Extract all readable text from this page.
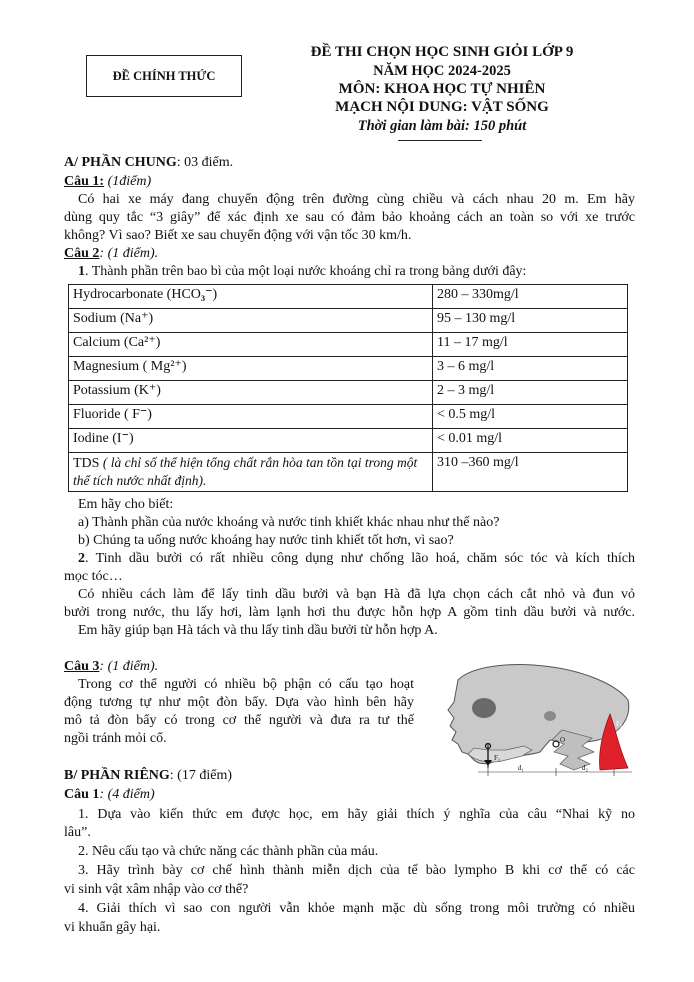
ĐỀ CHÍNH THỨC
ĐỀ THI CHỌN HỌC SINH GIỎI LỚP 9
NĂM HỌC 2024-2025
MÔN: KHOA HỌC TỰ NHIÊN
MẠCH NỘI DUNG: VẬT SỐNG
Thời gian làm bài: 150 phút
A/ PHẦN CHUNG: 03 điểm.
Câu 1: (1điểm)
Có hai xe máy đang chuyển động trên đường cùng chiều và cách nhau 20 m. Em hãy
dùng quy tắc “3 giây” để xác định xe sau có đảm bảo khoảng cách an toàn so với xe trước
không? Vì sao? Biết xe sau chuyển động với vận tốc 30 km/h.
Câu 2: (1 điểm).
1. Thành phần trên bao bì của một loại nước khoáng chỉ ra trong bảng dưới đây:
Hydrocarbonate (HCO₃⁻)	280 – 330mg/l
Sodium (Na⁺)	95 – 130 mg/l
Calcium (Ca²⁺)	11 – 17 mg/l
Magnesium ( Mg²⁺)	3 – 6 mg/l
Potassium (K⁺)	2 – 3 mg/l
Fluoride ( F⁻)	< 0.5 mg/l
Iodine (I⁻)	< 0.01 mg/l
TDS ( là chỉ số thể hiện tổng chất rắn hòa tan tồn tại trong một thể tích nước nhất định).	310 –360 mg/l
Em hãy cho biết:
a) Thành phần của nước khoáng và nước tinh khiết khác nhau như thế nào?
b) Chúng ta uống nước khoáng hay nước tinh khiết tốt hơn, vì sao?
2. Tinh dầu bưởi có rất nhiều công dụng như chống lão hoá, chăm sóc tóc và kích thích
mọc tóc…
Có nhiều cách làm để lấy tinh dầu bưởi và bạn Hà đã lựa chọn cách cắt nhỏ và đun vỏ
bưởi trong nước, thu lấy hơi, làm lạnh hơi thu được hỗn hợp A gồm tinh dầu bưởi và nước.
Em hãy giúp bạn Hà tách và thu lấy tinh dầu bưởi từ hỗn hợp A.
Câu 3: (1 điểm).
Trong cơ thể người có nhiều bộ phận có cấu tạo hoạt
động tương tự như một đòn bẩy. Dựa vào hình bên hãy
mô tả đòn bẩy có trong cơ thể người và đưa ra tư thế
ngồi tránh mỏi cổ.
F₁
F₂
O
d₁	d₂
B/ PHẦN RIÊNG: (17 điểm)
Câu 1: (4 điểm)
1. Dựa vào kiến thức em được học, em hãy giải thích ý nghĩa của câu “Nhai kỹ no
lâu”.
2. Nêu cấu tạo và chức năng các thành phần của máu.
3. Hãy trình bày cơ chế hình thành miễn dịch của tế bào lympho B khi cơ thể có các
vi sinh vật xâm nhập vào cơ thể?
4. Giải thích vì sao con người vẫn khỏe mạnh mặc dù sống trong môi trường có nhiều
vi khuẩn gây hại.
